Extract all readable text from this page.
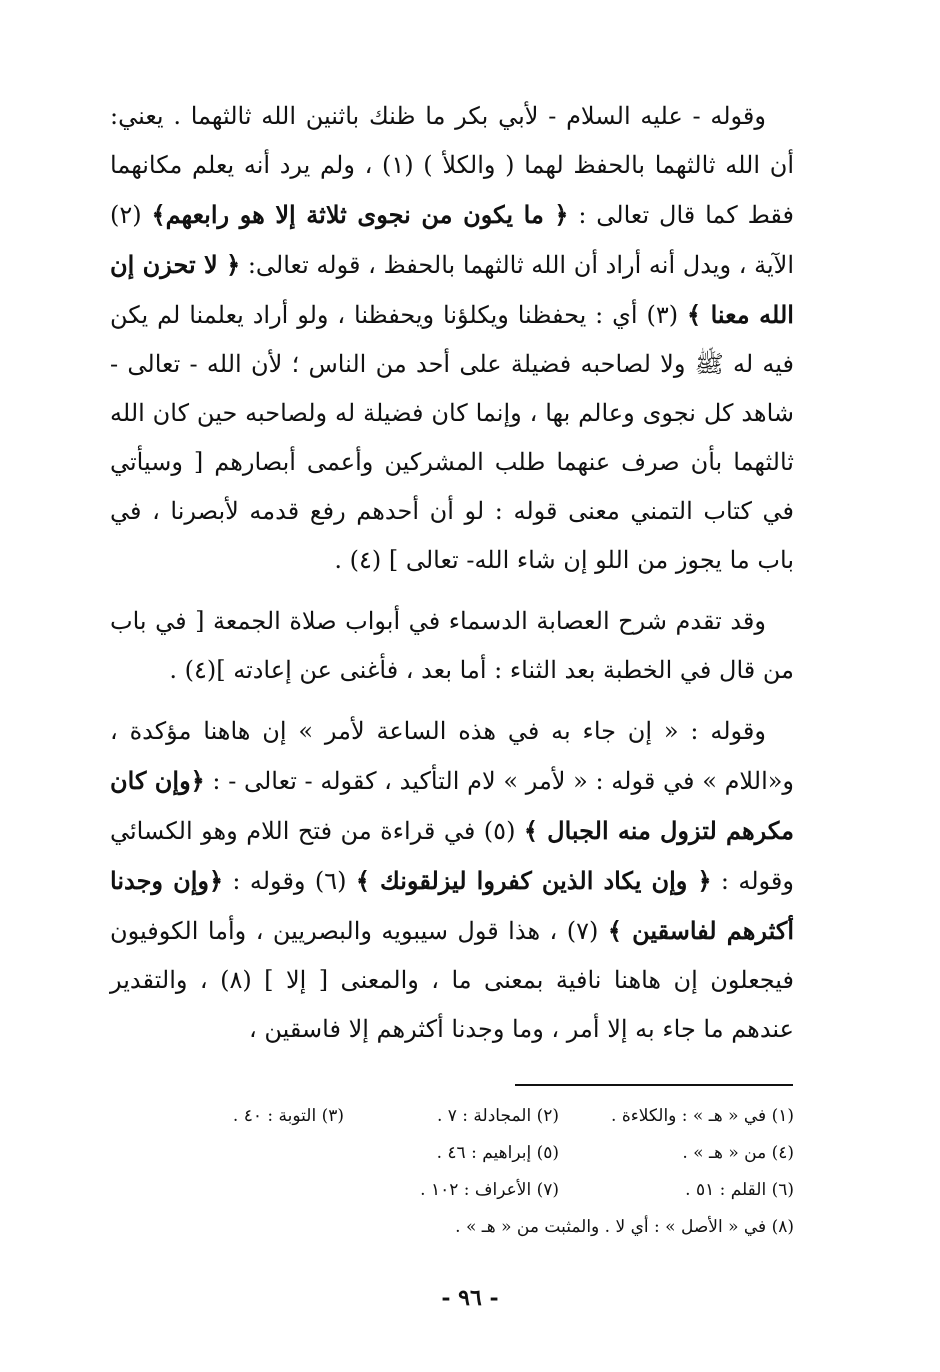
وقوله - عليه السلام - لأبي بكر ما ظنك باثنين الله ثالثهما . يعني: أن الله ثالثهما بالحفظ لهما ( والكلأ ) (١) ، ولم يرد أنه يعلم مكانهما فقط كما قال تعالى : ﴿ ما يكون من نجوى ثلاثة إلا هو رابعهم﴾ (٢) الآية ، ويدل أنه أراد أن الله ثالثهما بالحفظ ، قوله تعالى: ﴿ لا تحزن إن الله معنا ﴾ (٣) أي : يحفظنا ويكلؤنا ويحفظنا ، ولو أراد يعلمنا لم يكن فيه له ﷺ ولا لصاحبه فضيلة على أحد من الناس ؛ لأن الله - تعالى - شاهد كل نجوى وعالم بها ، وإنما كان فضيلة له ولصاحبه حين كان الله ثالثهما بأن صرف عنهما طلب المشركين وأعمى أبصارهم [ وسيأتي في كتاب التمني معنى قوله : لو أن أحدهم رفع قدمه لأبصرنا ، في باب ما يجوز من اللو إن شاء الله- تعالى ] (٤) .

وقد تقدم شرح العصابة الدسماء في أبواب صلاة الجمعة [ في باب من قال في الخطبة بعد الثناء : أما بعد ، فأغنى عن إعادته ](٤) .

وقوله : « إن جاء به في هذه الساعة لأمر » إن هاهنا مؤكدة ، و«اللام » في قوله : « لأمر » لام التأكيد ، كقوله - تعالى - : ﴿وإن كان مكرهم لتزول منه الجبال ﴾ (٥) في قراءة من فتح اللام وهو الكسائي وقوله : ﴿ وإن يكاد الذين كفروا ليزلقونك ﴾ (٦) وقوله : ﴿وإن وجدنا أكثرهم لفاسقين ﴾ (٧) ، هذا قول سيبويه والبصريين ، وأما الكوفيون فيجعلون إن هاهنا نافية بمعنى ما ، والمعنى [ إلا ] (٨) ، والتقدير عندهم ما جاء به إلا أمر ، وما وجدنا أكثرهم إلا فاسقين ،

(١) في « هـ » : والكلاءة .
(٢) المجادلة : ٧ .
(٣) التوبة : ٤٠ .
(٤) من « هـ » .
(٥) إبراهيم : ٤٦ .
(٦) القلم : ٥١ .
(٧) الأعراف : ١٠٢ .
(٨) في « الأصل » : أي لا . والمثبت من « هـ » .
- ٩٦ -
